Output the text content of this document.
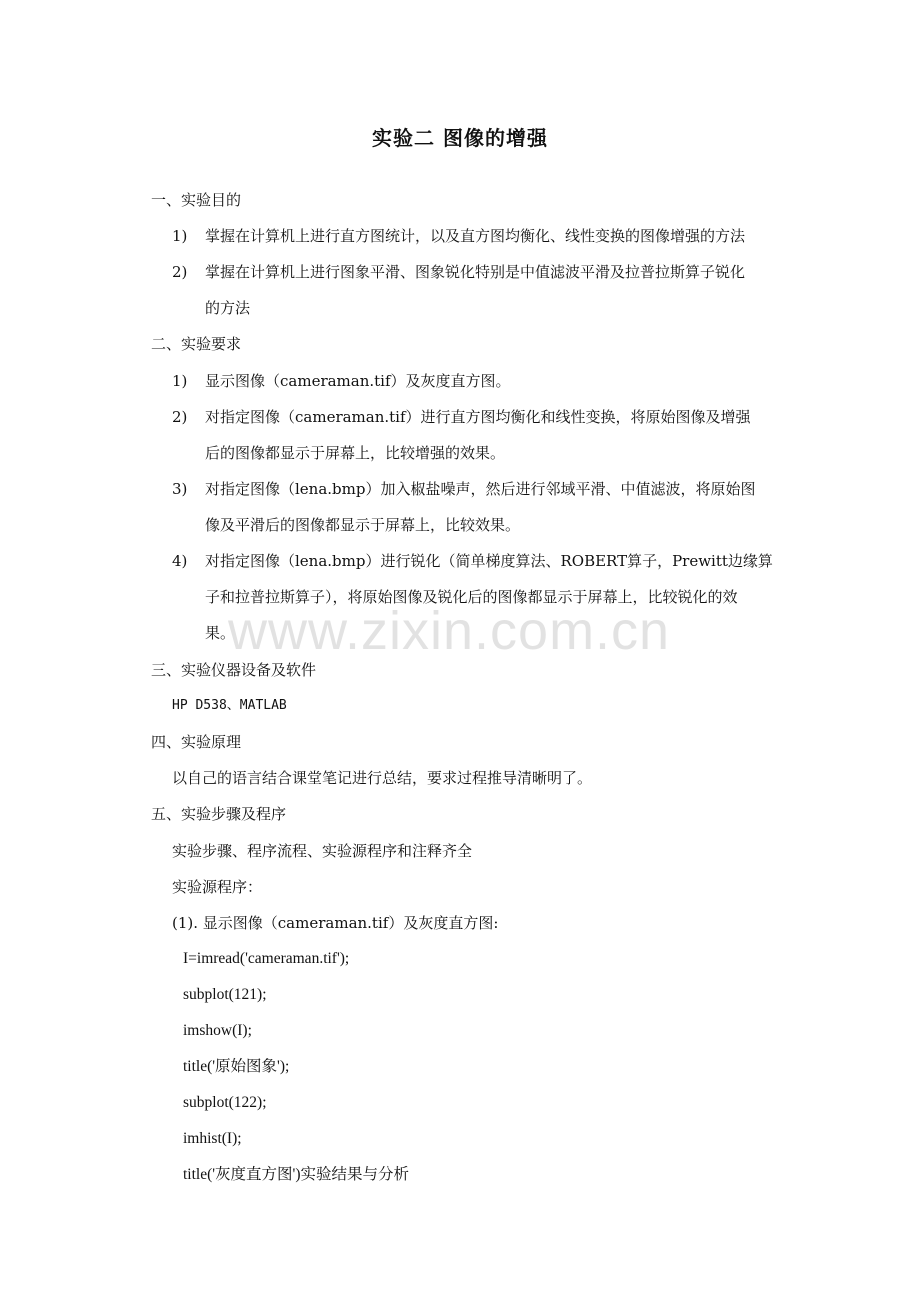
实验二 图像的增强
一、实验目的
1) 掌握在计算机上进行直方图统计，以及直方图均衡化、线性变换的图像增强的方法
2) 掌握在计算机上进行图象平滑、图象锐化特别是中值滤波平滑及拉普拉斯算子锐化
的方法
二、实验要求
1) 显示图像（cameraman.tif）及灰度直方图。
2) 对指定图像（cameraman.tif）进行直方图均衡化和线性变换，将原始图像及增强
后的图像都显示于屏幕上，比较增强的效果。
3) 对指定图像（lena.bmp）加入椒盐噪声，然后进行邻域平滑、中值滤波，将原始图
像及平滑后的图像都显示于屏幕上，比较效果。
4) 对指定图像（lena.bmp）进行锐化（简单梯度算法、ROBERT算子，Prewitt边缘算
子和拉普拉斯算子），将原始图像及锐化后的图像都显示于屏幕上，比较锐化的效
果。
三、实验仪器设备及软件
HP D538、MATLAB
四、实验原理
以自己的语言结合课堂笔记进行总结，要求过程推导清晰明了。
五、实验步骤及程序
实验步骤、程序流程、实验源程序和注释齐全
实验源程序：
(1). 显示图像（cameraman.tif）及灰度直方图:
I=imread('cameraman.tif');
subplot(121);
imshow(I);
title('原始图象');
subplot(122);
imhist(I);
title('灰度直方图')实验结果与分析
www.zixin.com.cn
